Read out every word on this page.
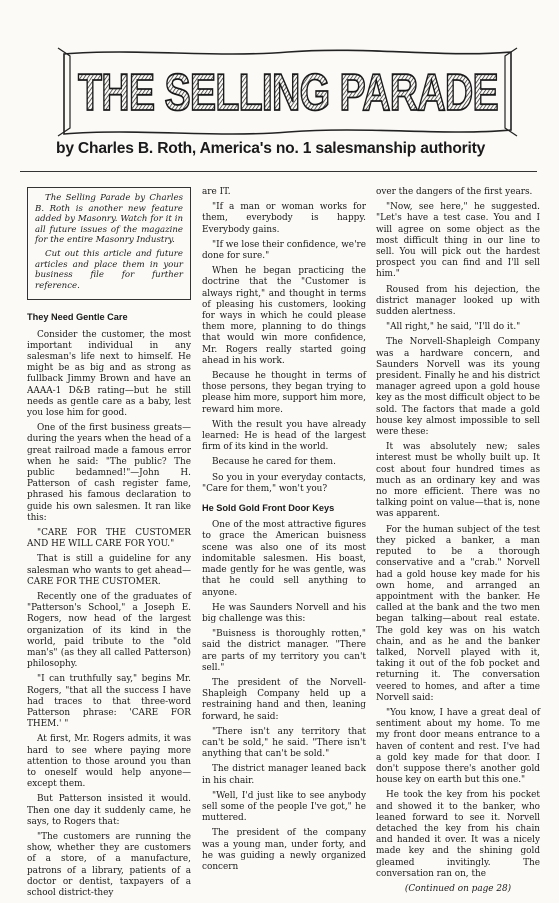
THE SELLING PARADE
by Charles B. Roth, America's no. 1 salesmanship authority

The Selling Parade by Charles B. Roth is another new feature added by Masonry. Watch for it in all future issues of the magazine for the entire Masonry Industry.

Cut out this article and future articles and place them in your business file for further reference.

They Need Gentle Care

Consider the customer, the most important individual in any salesman's life next to himself. He might be as big and as strong as fullback Jimmy Brown and have an AAAA-1 D&B rating—but he still needs as gentle care as a baby, lest you lose him for good.

One of the first business greats—during the years when the head of a great railroad made a famous error when he said: "The public? The public bedamned!"—John H. Patterson of cash register fame, phrased his famous declaration to guide his own salesmen. It ran like this:

"CARE FOR THE CUSTOMER AND HE WILL CARE FOR YOU."

That is still a guideline for any salesman who wants to get ahead—CARE FOR THE CUSTOMER.

Recently one of the graduates of "Patterson's School," a Joseph E. Rogers, now head of the largest organization of its kind in the world, paid tribute to the "old man's" (as they all called Patterson) philosophy.

"I can truthfully say," begins Mr. Rogers, "that all the success I have had traces to that three-word Patterson phrase: 'CARE FOR THEM.' "

At first, Mr. Rogers admits, it was hard to see where paying more attention to those around you than to oneself would help anyone—except them.

But Patterson insisted it would. Then one day it suddenly came, he says, to Rogers that:

"The customers are running the show, whether they are customers of a store, of a manufacture, patrons of a library, patients of a doctor or dentist, taxpayers of a school district-they

are IT.

"If a man or woman works for them, everybody is happy. Everybody gains.

"If we lose their confidence, we're done for sure."

When he began practicing the doctrine that the "Customer is always right," and thought in terms of pleasing his customers, looking for ways in which he could please them more, planning to do things that would win more confidence, Mr. Rogers really started going ahead in his work.

Because he thought in terms of those persons, they began trying to please him more, support him more, reward him more.

With the result you have already learned: He is head of the largest firm of its kind in the world.

Because he cared for them.

So you in your everyday contacts, "Care for them," won't you?

He Sold Gold Front Door Keys

One of the most attractive figures to grace the American buisness scene was also one of its most indomitable salesmen. His boast, made gently for he was gentle, was that he could sell anything to anyone.

He was Saunders Norvell and his big challenge was this:

"Buisness is thoroughly rotten," said the district manager. "There are parts of my territory you can't sell."

The president of the Norvell-Shapleigh Company held up a restraining hand and then, leaning forward, he said:

"There isn't any territory that can't be sold," he said. "There isn't anything that can't be sold."

The district manager leaned back in his chair.

"Well, I'd just like to see anybody sell some of the people I've got," he muttered.

The president of the company was a young man, under forty, and he was guiding a newly organized concern

over the dangers of the first years.

"Now, see here," he suggested. "Let's have a test case. You and I will agree on some object as the most difficult thing in our line to sell. You will pick out the hardest prospect you can find and I'll sell him."

Roused from his dejection, the district manager looked up with sudden alertness.

"All right," he said, "I'll do it."

The Norvell-Shapleigh Company was a hardware concern, and Saunders Norvell was its young president. Finally he and his district manager agreed upon a gold house key as the most difficult object to be sold. The factors that made a gold house key almost impossible to sell were these:

It was absolutely new; sales interest must be wholly built up. It cost about four hundred times as much as an ordinary key and was no more efficient. There was no talking point on value—that is, none was apparent.

For the human subject of the test they picked a banker, a man reputed to be a thorough conservative and a "crab." Norvell had a gold house key made for his own home, and arranged an appointment with the banker. He called at the bank and the two men began talking—about real estate. The gold key was on his watch chain, and as he and the banker talked, Norvell played with it, taking it out of the fob pocket and returning it. The conversation veered to homes, and after a time Norvell said:

"You know, I have a great deal of sentiment about my home. To me my front door means entrance to a haven of content and rest. I've had a gold key made for that door. I don't suppose there's another gold house key on earth but this one."

He took the key from his pocket and showed it to the banker, who leaned forward to see it. Norvell detached the key from his chain and handed it over. It was a nicely made key and the shining gold gleamed invitingly. The conversation ran on, the

(Continued on page 28)
